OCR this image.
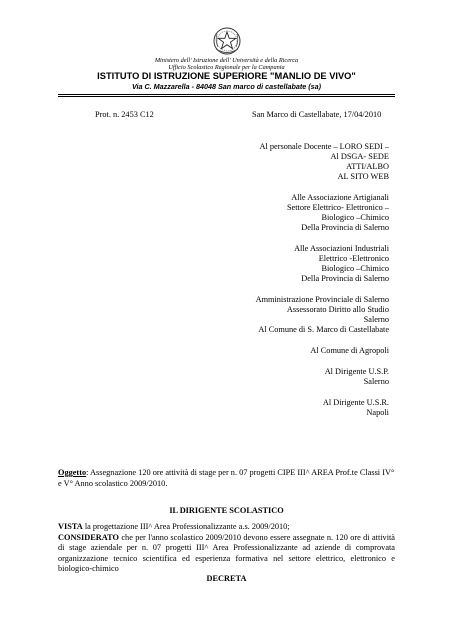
Ministero dell' Istruzione dell' Università e della Ricerca
Ufficio Scolastico Regionale per la Campania
ISTITUTO DI ISTRUZIONE SUPERIORE "MANLIO DE VIVO"
Via C. Mazzarella - 84048 San marco di castellabate (sa)
Prot. n. 2453 C12	San Marco di Castellabate, 17/04/2010
Al personale Docente – LORO SEDI –
Al DSGA- SEDE
ATTI/ALBO
AL SITO WEB
Alle Associazione Artigianali
Settore Elettrico- Elettronico –
Biologico –Chimico
Della Provincia di Salerno
Alle Associazioni Industriali
Elettrico -Elettronico
Biologico –Chimico
Della Provincia di Salerno
Amministrazione Provinciale di Salerno
Assessorato Diritto allo Studio
Salerno
Al Comune di S. Marco di Castellabate
Al Comune di Agropoli
Al Dirigente U.S.P.
Salerno
Al Dirigente U.S.R.
Napoli
Oggetto: Assegnazione 120 ore attività di stage per n. 07 progetti CIPE III^ AREA Prof.te Classi IV° e V° Anno scolastico 2009/2010.
IL DIRIGENTE SCOLASTICO

VISTA la progettazione III^ Area Professionalizzante a.s. 2009/2010;

CONSIDERATO che per l'anno scolastico 2009/2010 devono essere assegnate n. 120 ore di attività di stage aziendale per n. 07 progetti III^ Area Professionalizzante ad aziende di comprovata organizzazione tecnico scientifica ed esperienza formativa nel settore elettrico, elettronico e biologico-chimico

DECRETA
